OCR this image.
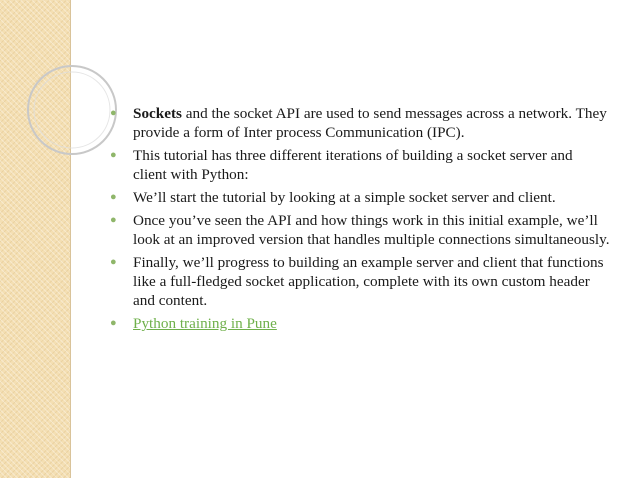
● Sockets and the socket API are used to send messages across a network. They provide a form of Inter process Communication (IPC).
● This tutorial has three different iterations of building a socket server and client with Python:
● We’ll start the tutorial by looking at a simple socket server and client.
● Once you’ve seen the API and how things work in this initial example, we’ll look at an improved version that handles multiple connections simultaneously.
● Finally, we’ll progress to building an example server and client that functions like a full-fledged socket application, complete with its own custom header and content.
● Python training in Pune
